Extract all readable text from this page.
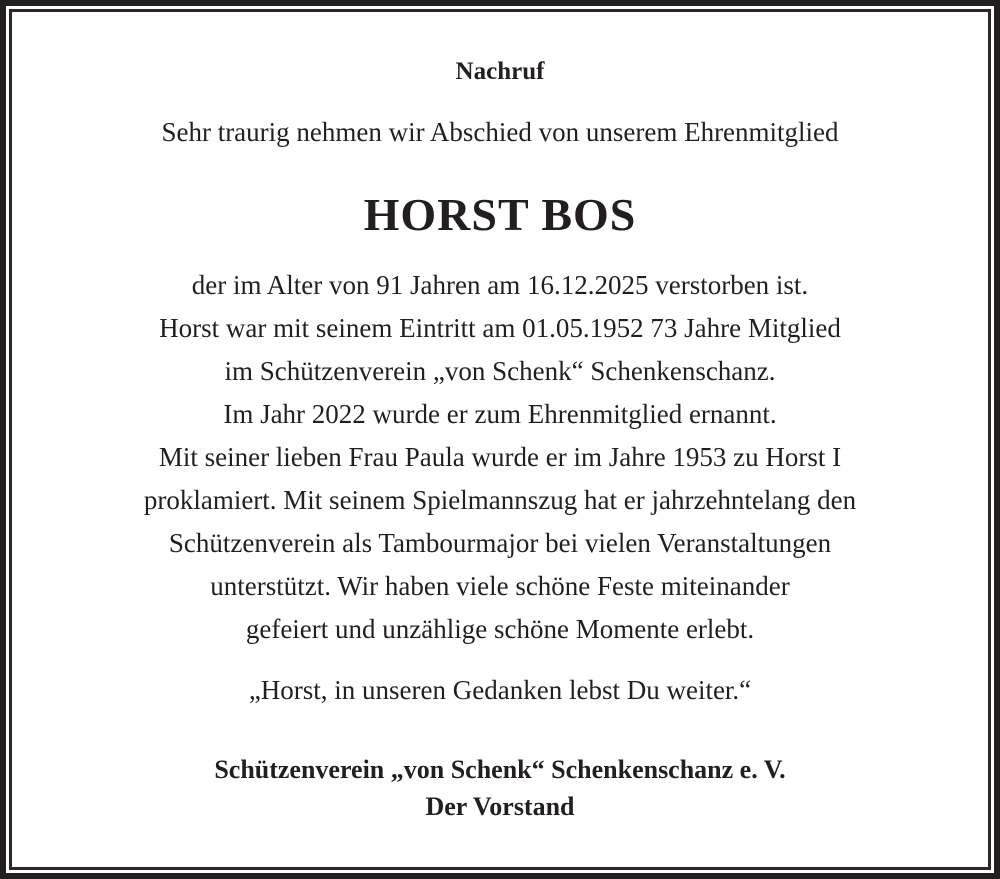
Nachruf
Sehr traurig nehmen wir Abschied von unserem Ehrenmitglied
HORST BOS
der im Alter von 91 Jahren am 16.12.2025 verstorben ist.
Horst war mit seinem Eintritt am 01.05.1952 73 Jahre Mitglied
im Schützenverein „von Schenk“ Schenkenschanz.
Im Jahr 2022 wurde er zum Ehrenmitglied ernannt.
Mit seiner lieben Frau Paula wurde er im Jahre 1953 zu Horst I
proklamiert. Mit seinem Spielmannszug hat er jahrzehntelang den
Schützenverein als Tambourmajor bei vielen Veranstaltungen
unterstützt. Wir haben viele schöne Feste miteinander
gefeiert und unzählige schöne Momente erlebt.
„Horst, in unseren Gedanken lebst Du weiter.“
Schützenverein „von Schenk“ Schenkenschanz e. V.
Der Vorstand
